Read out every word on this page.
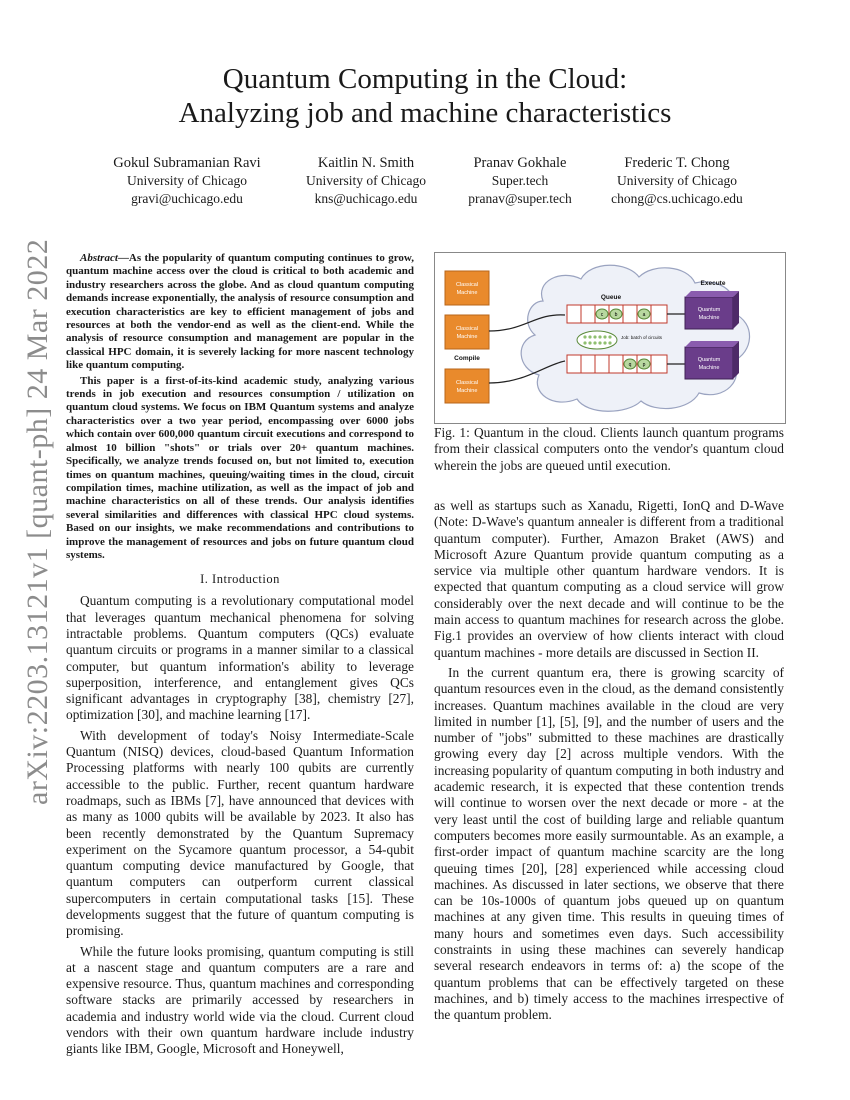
arXiv:2203.13121v1 [quant-ph] 24 Mar 2022
Quantum Computing in the Cloud:
Analyzing job and machine characteristics
Gokul Subramanian Ravi
University of Chicago
gravi@uchicago.edu
Kaitlin N. Smith
University of Chicago
kns@uchicago.edu
Pranav Gokhale
Super.tech
pranav@super.tech
Frederic T. Chong
University of Chicago
chong@cs.uchicago.edu

Abstract—As the popularity of quantum computing continues to grow, quantum machine access over the cloud is critical to both academic and industry researchers across the globe. And as cloud quantum computing demands increase exponentially, the analysis of resource consumption and execution characteristics are key to efficient management of jobs and resources at both the vendor-end as well as the client-end. While the analysis of resource consumption and management are popular in the classical HPC domain, it is severely lacking for more nascent technology like quantum computing.

This paper is a first-of-its-kind academic study, analyzing various trends in job execution and resources consumption / utilization on quantum cloud systems. We focus on IBM Quantum systems and analyze characteristics over a two year period, encompassing over 6000 jobs which contain over 600,000 quantum circuit executions and correspond to almost 10 billion "shots" or trials over 20+ quantum machines. Specifically, we analyze trends focused on, but not limited to, execution times on quantum machines, queuing/waiting times in the cloud, circuit compilation times, machine utilization, as well as the impact of job and machine characteristics on all of these trends. Our analysis identifies several similarities and differences with classical HPC cloud systems. Based on our insights, we make recommendations and contributions to improve the management of resources and jobs on future quantum cloud systems.

I. Introduction

Quantum computing is a revolutionary computational model that leverages quantum mechanical phenomena for solving intractable problems. Quantum computers (QCs) evaluate quantum circuits or programs in a manner similar to a classical computer, but quantum information's ability to leverage superposition, interference, and entanglement gives QCs significant advantages in cryptography [38], chemistry [27], optimization [30], and machine learning [17].

With development of today's Noisy Intermediate-Scale Quantum (NISQ) devices, cloud-based Quantum Information Processing platforms with nearly 100 qubits are currently accessible to the public. Further, recent quantum hardware roadmaps, such as IBMs [7], have announced that devices with as many as 1000 qubits will be available by 2023. It also has been recently demonstrated by the Quantum Supremacy experiment on the Sycamore quantum processor, a 54-qubit quantum computing device manufactured by Google, that quantum computers can outperform current classical supercomputers in certain computational tasks [15]. These developments suggest that the future of quantum computing is promising.

While the future looks promising, quantum computing is still at a nascent stage and quantum computers are a rare and expensive resource. Thus, quantum machines and corresponding software stacks are primarily accessed by researchers in academia and industry world wide via the cloud. Current cloud vendors with their own quantum hardware include industry giants like IBM, Google, Microsoft and Honeywell,

Classical
Machine
Classical
Machine
Compile
Classical
Machine
Queue
c b	a
Job: batch of circuits
q p
Execute
Quantum
Machine
Quantum
Machine
Fig. 1: Quantum in the cloud. Clients launch quantum programs from their classical computers onto the vendor's quantum cloud wherein the jobs are queued until execution.

as well as startups such as Xanadu, Rigetti, IonQ and D-Wave (Note: D-Wave's quantum annealer is different from a traditional quantum computer). Further, Amazon Braket (AWS) and Microsoft Azure Quantum provide quantum computing as a service via multiple other quantum hardware vendors. It is expected that quantum computing as a cloud service will grow considerably over the next decade and will continue to be the main access to quantum machines for research across the globe. Fig.1 provides an overview of how clients interact with cloud quantum machines - more details are discussed in Section II.

In the current quantum era, there is growing scarcity of quantum resources even in the cloud, as the demand consistently increases. Quantum machines available in the cloud are very limited in number [1], [5], [9], and the number of users and the number of "jobs" submitted to these machines are drastically growing every day [2] across multiple vendors. With the increasing popularity of quantum computing in both industry and academic research, it is expected that these contention trends will continue to worsen over the next decade or more - at the very least until the cost of building large and reliable quantum computers becomes more easily surmountable. As an example, a first-order impact of quantum machine scarcity are the long queuing times [20], [28] experienced while accessing cloud machines. As discussed in later sections, we observe that there can be 10s-1000s of quantum jobs queued up on quantum machines at any given time. This results in queuing times of many hours and sometimes even days. Such accessibility constraints in using these machines can severely handicap several research endeavors in terms of: a) the scope of the quantum problems that can be effectively targeted on these machines, and b) timely access to the machines irrespective of the quantum problem.
